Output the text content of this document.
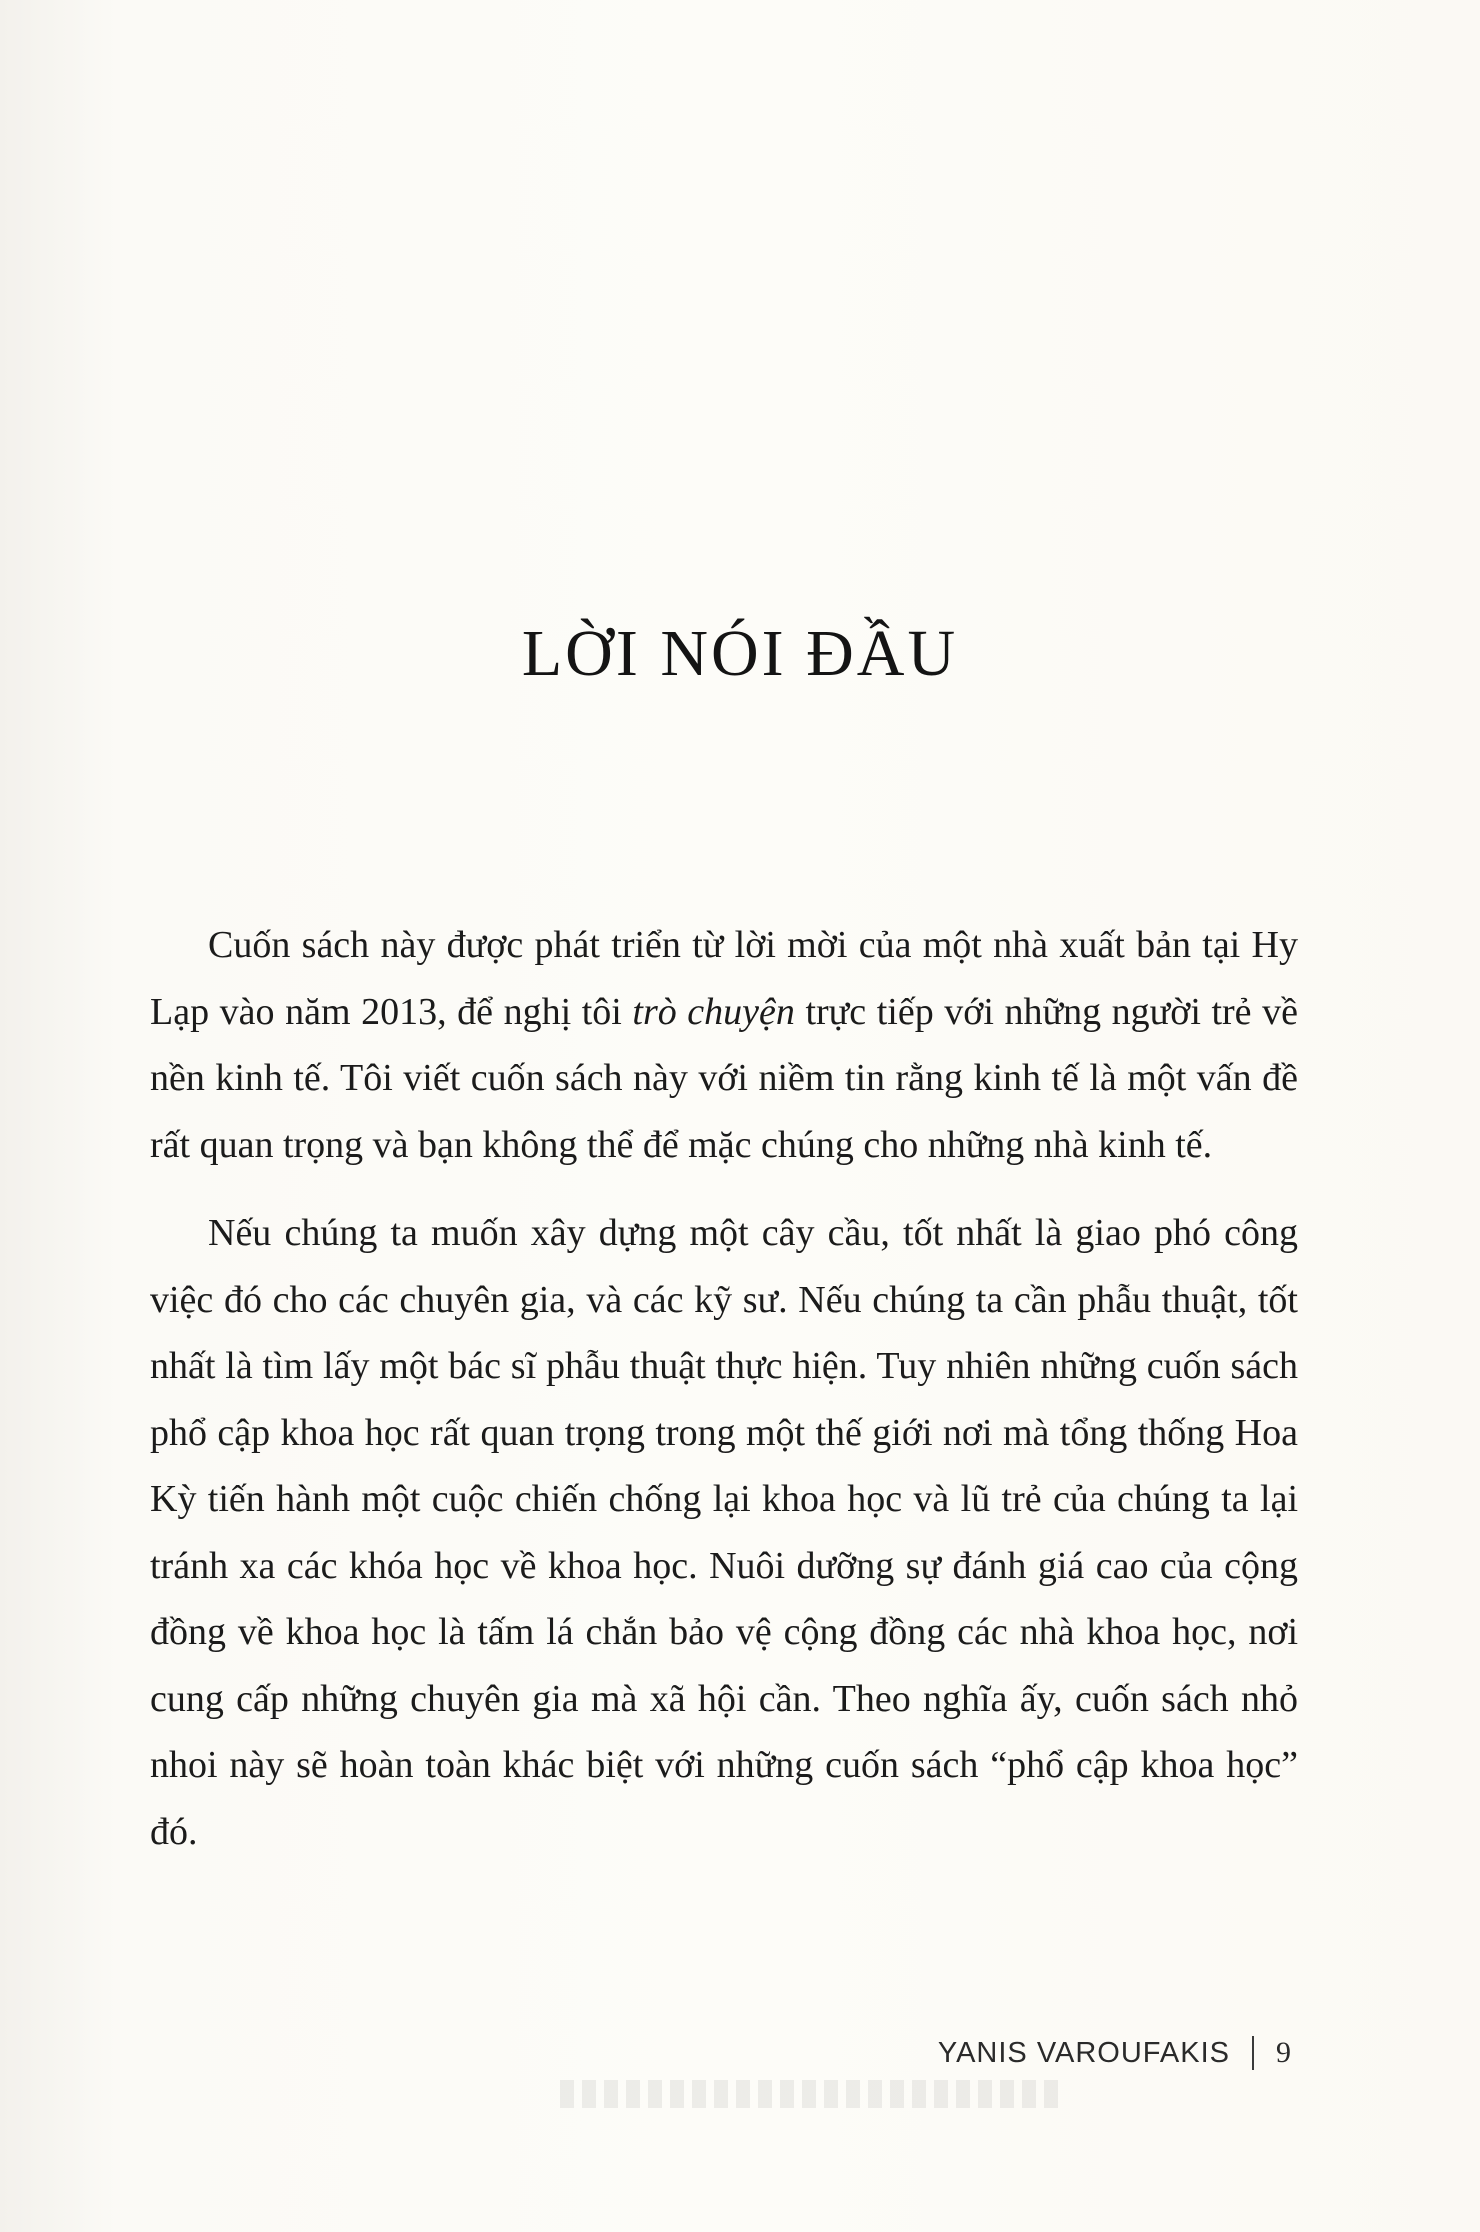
LỜI NÓI ĐẦU

Cuốn sách này được phát triển từ lời mời của một nhà xuất bản tại Hy Lạp vào năm 2013, để nghị tôi trò chuyện trực tiếp với những người trẻ về nền kinh tế. Tôi viết cuốn sách này với niềm tin rằng kinh tế là một vấn đề rất quan trọng và bạn không thể để mặc chúng cho những nhà kinh tế.

Nếu chúng ta muốn xây dựng một cây cầu, tốt nhất là giao phó công việc đó cho các chuyên gia, và các kỹ sư. Nếu chúng ta cần phẫu thuật, tốt nhất là tìm lấy một bác sĩ phẫu thuật thực hiện. Tuy nhiên những cuốn sách phổ cập khoa học rất quan trọng trong một thế giới nơi mà tổng thống Hoa Kỳ tiến hành một cuộc chiến chống lại khoa học và lũ trẻ của chúng ta lại tránh xa các khóa học về khoa học. Nuôi dưỡng sự đánh giá cao của cộng đồng về khoa học là tấm lá chắn bảo vệ cộng đồng các nhà khoa học, nơi cung cấp những chuyên gia mà xã hội cần. Theo nghĩa ấy, cuốn sách nhỏ nhoi này sẽ hoàn toàn khác biệt với những cuốn sách “phổ cập khoa học” đó.

YANIS VAROUFAKIS 9
